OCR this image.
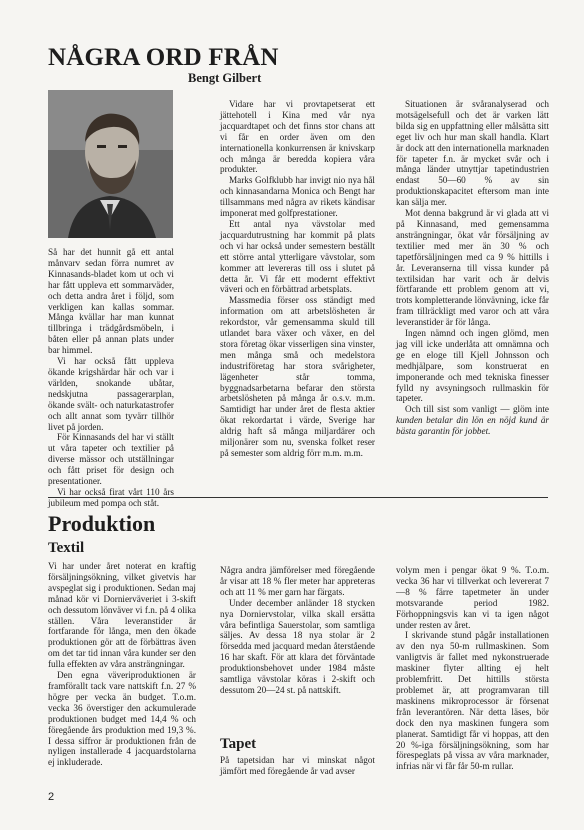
NÅGRA ORD FRÅN
Bengt Gilbert

Så har det hunnit gå ett antal månvarv sedan förra numret av Kinnasands-bladet kom ut och vi har fått uppleva ett sommarväder, och detta andra året i följd, som verkligen kan kallas sommar. Många kvällar har man kunnat tillbringa i trädgårdsmöbeln, i båten eller på annan plats under bar himmel.

Vi har också fått uppleva ökande krigshärdar här och var i världen, snokande ubåtar, nedskjutna passagerarplan, ökande svält- och naturkatastrofer och allt annat som tyvärr tillhör livet på jorden.

För Kinnasands del har vi ställt ut våra tapeter och textilier på diverse mässor och utställningar och fått priset för design och presentationer.

Vi har också firat vårt 110 års jubileum med pompa och ståt.

Vidare har vi provtapetserat ett jättehotell i Kina med vår nya jacquardtapet och det finns stor chans att vi får en order även om den internationella konkurrensen är knivskarp och många är beredda kopiera våra produkter.

Marks Golfklubb har invigt nio nya hål och kinnasandarna Monica och Bengt har tillsammans med några av rikets kändisar imponerat med golfprestationer.

Ett antal nya vävstolar med jacquardutrustning har kommit på plats och vi har också under semestern beställt ett större antal ytterligare vävstolar, som kommer att levereras till oss i slutet på detta år. Vi får ett modernt effektivt väveri och en förbättrad arbetsplats.

Massmedia förser oss ständigt med information om att arbetslösheten är rekordstor, vår gemensamma skuld till utlandet bara växer och växer, en del stora företag ökar visserligen sina vinster, men många små och medelstora industriföretag har stora svårigheter, lägenheter står tomma, byggnadsarbetarna befarar den största arbetslösheten på många år o.s.v. m.m. Samtidigt har under året de flesta aktier ökat rekordartat i värde, Sverige har aldrig haft så många miljardärer och miljonärer som nu, svenska folket reser på semester som aldrig förr m.m. m.m.

Situationen är svåranalyserad och motsägelsefull och det är varken lätt bilda sig en uppfattning eller målsätta sitt eget liv och hur man skall handla. Klart är dock att den internationella marknaden för tapeter f.n. är mycket svår och i många länder utnyttjar tapetindustrien endast 50—60 % av sin produktionskapacitet eftersom man inte kan sälja mer.

Mot denna bakgrund är vi glada att vi på Kinnasand, med gemensamma ansträngningar, ökat vår försäljning av textilier med mer än 30 % och tapetförsäljningen med ca 9 % hittills i år. Leveranserna till vissa kunder på textilsidan har varit och är delvis förtfarande ett problem genom att vi, trots kompletterande lönvävning, icke får fram tillräckligt med varor och att våra leveranstider är för långa.

Ingen nämnd och ingen glömd, men jag vill icke underlåta att omnämna och ge en eloge till Kjell Johnsson och medhjälpare, som konstruerat en imponerande och med tekniska finesser fylld ny avsyningsoch rullmaskin för tapeter.

Och till sist som vanligt — glöm inte kunden betalar din lön en nöjd kund är bästa garantin för jobbet.

Produktion
Textil

Vi har under året noterat en kraftig försäljningsökning, vilket givetvis har avspeglat sig i produktionen. Sedan maj månad kör vi Dornierväveriet i 3-skift och dessutom lönväver vi f.n. på 4 olika ställen. Våra leveranstider är fortfarande för långa, men den ökade produktionen gör att de förbättras även om det tar tid innan våra kunder ser den fulla effekten av våra ansträngningar.

Den egna väveriproduktionen är framförallt tack vare nattskift f.n. 27 % högre per vecka än budget. T.o.m. vecka 36 överstiger den ackumulerade produktionen budget med 14,4 % och föregående års produktion med 19,3 %. I dessa siffror är produktionen från de nyligen installerade 4 jacquardstolarna ej inkluderade.

Några andra jämförelser med föregående år visar att 18 % fler meter har appreteras och att 11 % mer garn har färgats.

Under december anländer 18 stycken nya Dorniervstolar, vilka skall ersätta våra befintliga Sauerstolar, som samtliga säljes. Av dessa 18 nya stolar är 2 försedda med jacquard medan återstående 16 har skaft. För att klara det förväntade produktionsbehovet under 1984 måste samtliga vävstolar köras i 2-skift och dessutom 20—24 st. på nattskift.

Tapet

På tapetsidan har vi minskat något jämfört med föregående år vad avser

volym men i pengar ökat 9 %. T.o.m. vecka 36 har vi tillverkat och levererat 7—8 % färre tapetmeter än under motsvarande period 1982. Förhoppningsvis kan vi ta igen något under resten av året.

I skrivande stund pågår installationen av den nya 50-m rullmaskinen. Som vanligtvis är fallet med nykonstruerade maskiner flyter allting ej helt problemfritt. Det hittills största problemet är, att programvaran till maskinens mikroprocessor är försenat från leverantören. När detta läses, bör dock den nya maskinen fungera som planerat. Samtidigt får vi hoppas, att den 20 %-iga försäljningsökning, som har förespeglats på vissa av våra marknader, infrias när vi får får 50-m rullar.

2
